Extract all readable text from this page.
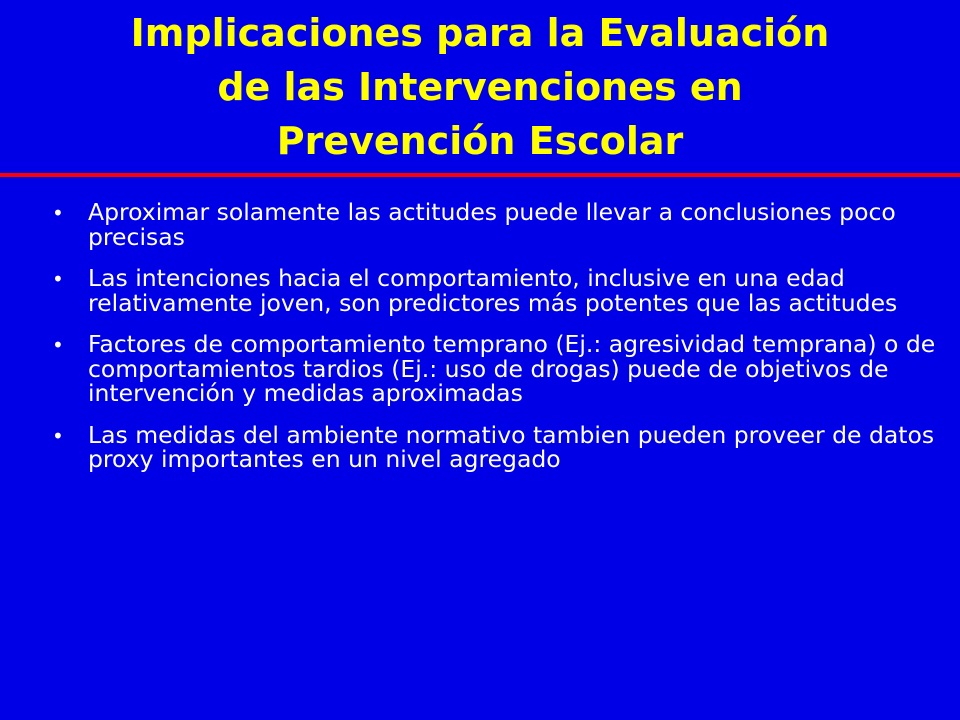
Implicaciones para la Evaluación
de las Intervenciones en
Prevención Escolar
• Aproximar solamente las actitudes puede llevar a conclusiones poco precisas
• Las intenciones hacia el comportamiento, inclusive en una edad relativamente joven, son predictores más potentes que las actitudes
• Factores de comportamiento temprano (Ej.: agresividad temprana) o de comportamientos tardios (Ej.: uso de drogas) puede de objetivos de intervención y medidas aproximadas
• Las medidas del ambiente normativo tambien pueden proveer de datos proxy importantes en un nivel agregado
